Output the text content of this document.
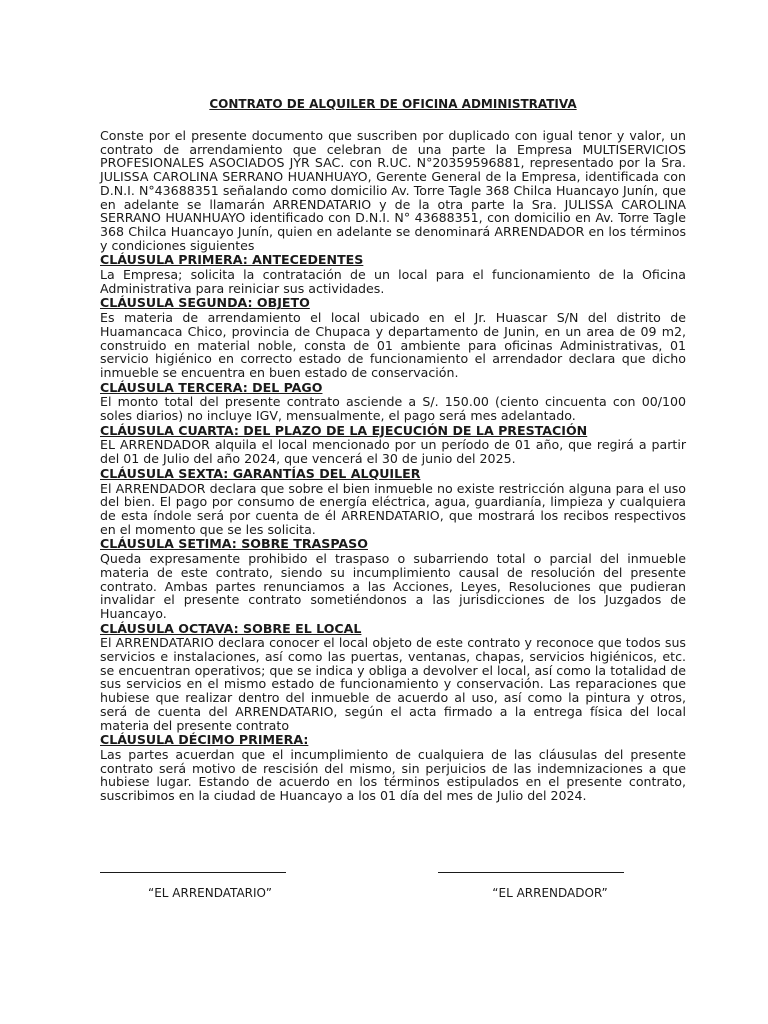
CONTRATO DE ALQUILER DE OFICINA ADMINISTRATIVA

Conste por el presente documento que suscriben por duplicado con igual tenor y valor, un contrato de arrendamiento que celebran de una parte la Empresa MULTISERVICIOS PROFESIONALES ASOCIADOS JYR SAC. con R.UC. N°20359596881, representado por la Sra. JULISSA CAROLINA SERRANO HUANHUAYO, Gerente General de la Empresa, identificada con D.N.I. N°43688351 señalando como domicilio Av. Torre Tagle 368 Chilca Huancayo Junín, que en adelante se llamarán ARRENDATARIO y de la otra parte la Sra. JULISSA CAROLINA SERRANO HUANHUAYO identificado con D.N.I. N° 43688351, con domicilio en Av. Torre Tagle 368 Chilca Huancayo Junín, quien en adelante se denominará ARRENDADOR en los términos y condiciones siguientes

CLÁUSULA PRIMERA: ANTECEDENTES

La Empresa; solicita la contratación de un local para el funcionamiento de la Oficina Administrativa para reiniciar sus actividades.

CLÁUSULA SEGUNDA: OBJETO

Es materia de arrendamiento el local ubicado en el Jr. Huascar S/N del distrito de Huamancaca Chico, provincia de Chupaca y departamento de Junin, en un area de 09 m2, construido en material noble, consta de 01 ambiente para oficinas Administrativas, 01 servicio higiénico en correcto estado de funcionamiento el arrendador declara que dicho inmueble se encuentra en buen estado de conservación.

CLÁUSULA TERCERA: DEL PAGO

El monto total del presente contrato asciende a S/. 150.00 (ciento cincuenta con 00/100 soles diarios) no incluye IGV, mensualmente, el pago será mes adelantado.

CLÁUSULA CUARTA: DEL PLAZO DE LA EJECUCIÓN DE LA PRESTACIÓN

EL ARRENDADOR alquila el local mencionado por un período de 01 año, que regirá a partir del 01 de Julio del año 2024, que vencerá el 30 de junio del 2025.

CLÁUSULA SEXTA: GARANTÍAS DEL ALQUILER

El ARRENDADOR declara que sobre el bien inmueble no existe restricción alguna para el uso del bien. El pago por consumo de energía eléctrica, agua, guardianía, limpieza y cualquiera de esta índole será por cuenta de él ARRENDATARIO, que mostrará los recibos respectivos en el momento que se les solicita.

CLÁUSULA SETIMA: SOBRE TRASPASO

Queda expresamente prohibido el traspaso o subarriendo total o parcial del inmueble materia de este contrato, siendo su incumplimiento causal de resolución del presente contrato. Ambas partes renunciamos a las Acciones, Leyes, Resoluciones que pudieran invalidar el presente contrato sometiéndonos a las jurisdicciones de los Juzgados de Huancayo.

CLÁUSULA OCTAVA: SOBRE EL LOCAL

El ARRENDATARIO declara conocer el local objeto de este contrato y reconoce que todos sus servicios e instalaciones, así como las puertas, ventanas, chapas, servicios higiénicos, etc. se encuentran operativos; que se indica y obliga a devolver el local, así como la totalidad de sus servicios en el mismo estado de funcionamiento y conservación. Las reparaciones que hubiese que realizar dentro del inmueble de acuerdo al uso, así como la pintura y otros, será de cuenta del ARRENDATARIO, según el acta firmado a la entrega física del local materia del presente contrato

CLÁUSULA DÉCIMO PRIMERA:

Las partes acuerdan que el incumplimiento de cualquiera de las cláusulas del presente contrato será motivo de rescisión del mismo, sin perjuicios de las indemnizaciones a que hubiese lugar. Estando de acuerdo en los términos estipulados en el presente contrato, suscribimos en la ciudad de Huancayo a los 01 día del mes de Julio del 2024.

“EL ARRENDATARIO”	“EL ARRENDADOR”
